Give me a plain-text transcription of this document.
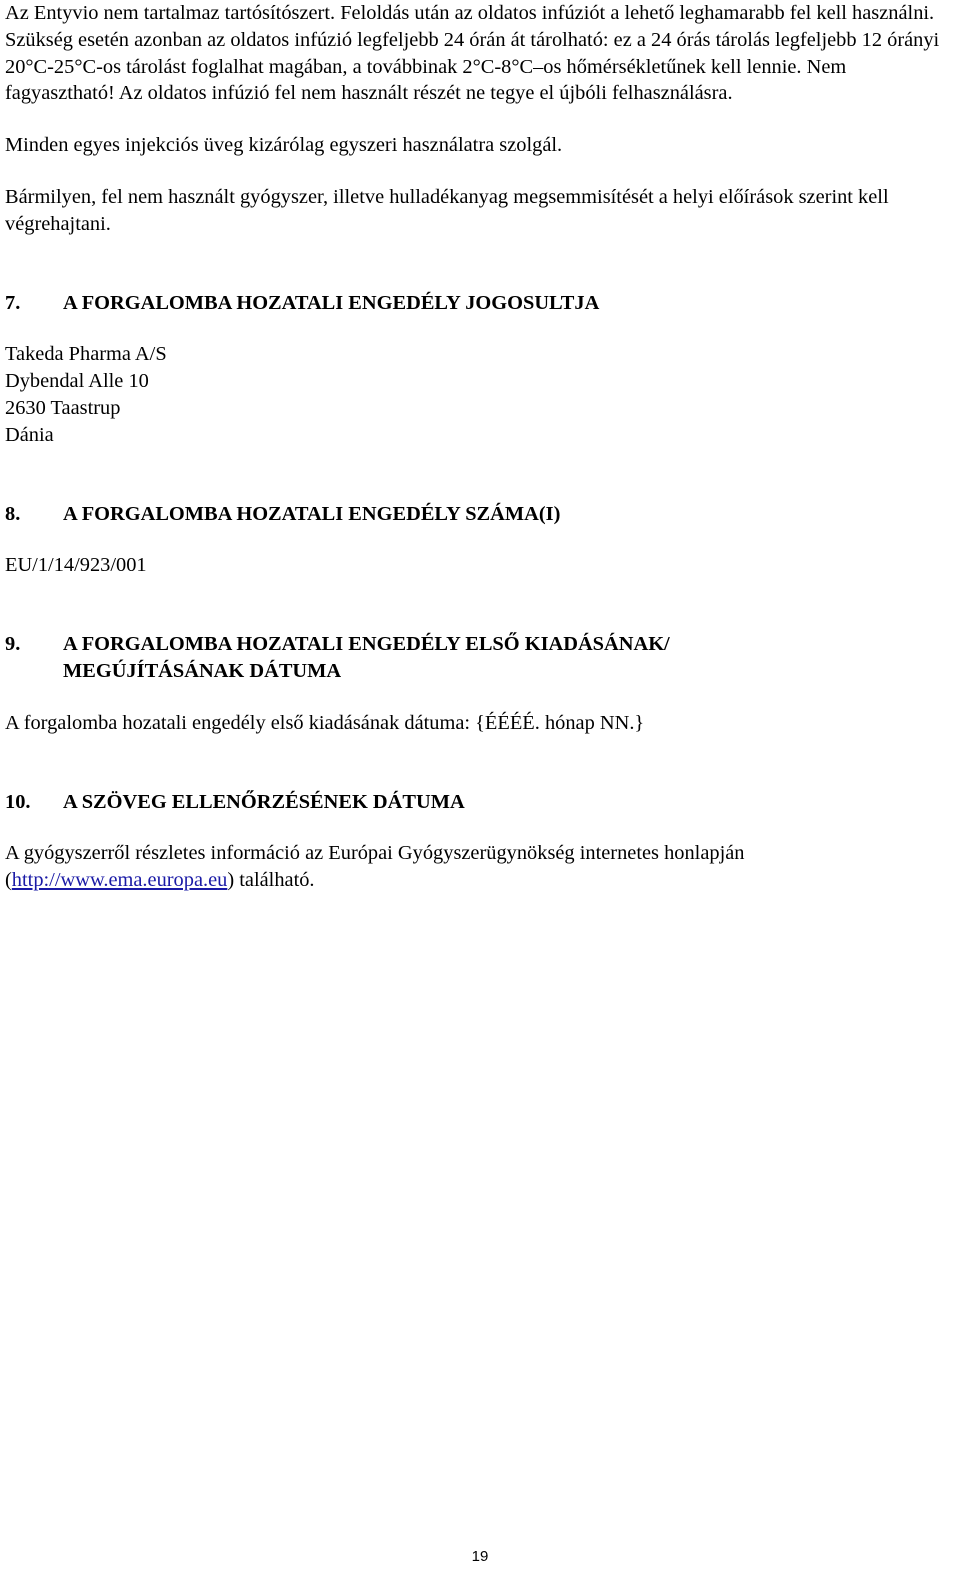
Az Entyvio nem tartalmaz tartósítószert. Feloldás után az oldatos infúziót a lehető leghamarabb fel kell használni. Szükség esetén azonban az oldatos infúzió legfeljebb 24 órán át tárolható: ez a 24 órás tárolás legfeljebb 12 órányi 20°C-25°C-os tárolást foglalhat magában, a továbbinak 2°C-8°C–os hőmérsékletűnek kell lennie. Nem fagyasztható! Az oldatos infúzió fel nem használt részét ne tegye el újbóli felhasználásra.

Minden egyes injekciós üveg kizárólag egyszeri használatra szolgál.

Bármilyen, fel nem használt gyógyszer, illetve hulladékanyag megsemmisítését a helyi előírások szerint kell végrehajtani.

7.	A FORGALOMBA HOZATALI ENGEDÉLY JOGOSULTJA

Takeda Pharma A/S

Dybendal Alle 10

2630 Taastrup

Dánia

8.	A FORGALOMBA HOZATALI ENGEDÉLY SZÁMA(I)

EU/1/14/923/001

9.	A FORGALOMBA HOZATALI ENGEDÉLY ELSŐ KIADÁSÁNAK/
MEGÚJÍTÁSÁNAK DÁTUMA

A forgalomba hozatali engedély első kiadásának dátuma: {ÉÉÉÉ. hónap NN.}

10.	A SZÖVEG ELLENŐRZÉSÉNEK DÁTUMA

A gyógyszerről részletes információ az Európai Gyógyszerügynökség internetes honlapján (http://www.ema.europa.eu) található.

19
